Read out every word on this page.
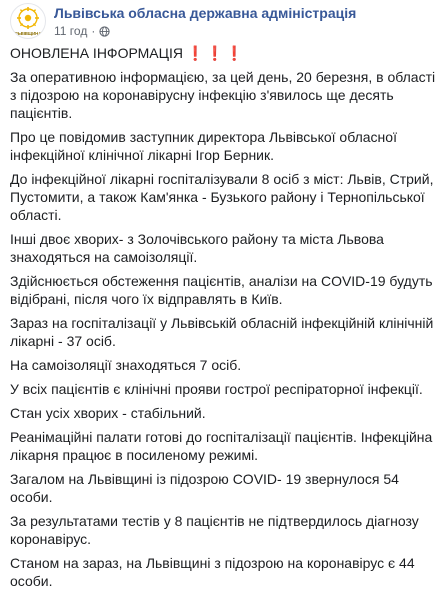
ЛЬВІВЩИНА
Львівська обласна державна адміністрація
11 год ·
ОНОВЛЕНА ІНФОРМАЦІЯ ❗❗❗

За оперативною інформацією, за цей день, 20 березня, в області з підозрою на коронавірусну інфекцію з'явилось ще десять пацієнтів.

Про це повідомив заступник директора Львівської обласної інфекційної клінічної лікарні Ігор Берник.

До інфекційної лікарні госпіталізували 8 осіб з міст: Львів, Стрий, Пустомити, а також Кам'янка - Бузького району і Тернопільської області.

Інші двоє хворих- з Золочівського району та міста Львова знаходяться на самоізоляції.

Здійснюється обстеження пацієнтів, аналізи на COVID-19 будуть відібрані, після чого їх відправлять в Київ.

Зараз на госпіталізації у Львівській обласній інфекційній клінічній лікарні - 37 осіб.

На самоізоляції знаходяться 7 осіб.

У всіх пацієнтів є клінічні прояви гострої респіраторної інфекції.

Стан усіх хворих - стабільний.

Реанімаційні палати готові до госпіталізації пацієнтів. Інфекційна лікарня працює в посиленому режимі.

Загалом на Львівщині із підозрою COVID- 19 звернулося 54 особи.

За результатами тестів у 8 пацієнтів не підтвердилось діагнозу коронавірус.

Станом на зараз, на Львівщині з підозрою на коронавірус є 44 особи.
